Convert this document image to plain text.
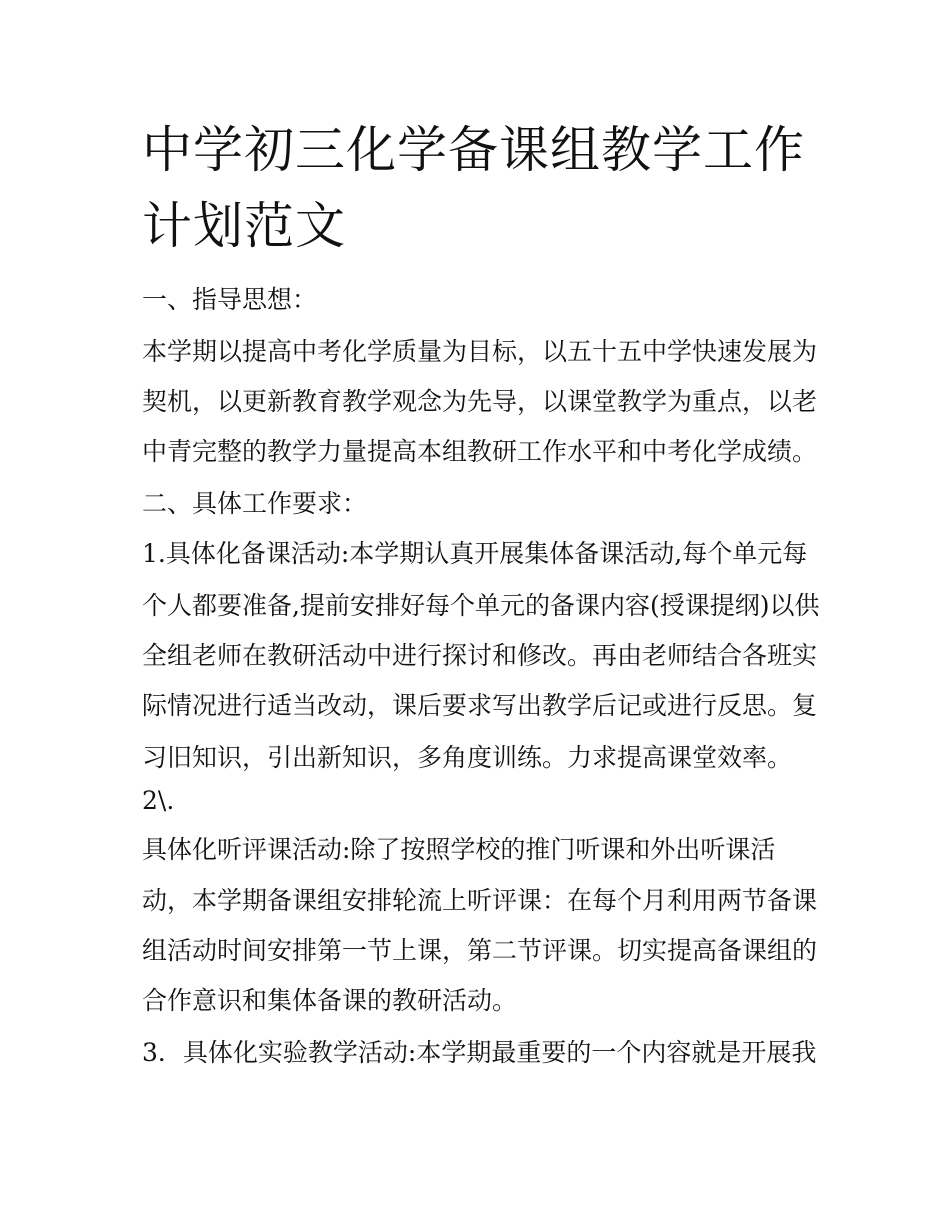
中学初三化学备课组教学工作
计划范文

一、指导思想：

本学期以提高中考化学质量为目标，以五十五中学快速发展为

契机，以更新教育教学观念为先导，以课堂教学为重点，以老

中青完整的教学力量提高本组教研工作水平和中考化学成绩。

二、具体工作要求：

1.具体化备课活动:本学期认真开展集体备课活动,每个单元每

个人都要准备,提前安排好每个单元的备课内容(授课提纲)以供

全组老师在教研活动中进行探讨和修改。再由老师结合各班实

际情况进行适当改动，课后要求写出教学后记或进行反思。复

习旧知识，引出新知识，多角度训练。力求提高课堂效率。

2\.

具体化听评课活动:除了按照学校的推门听课和外出听课活

动，本学期备课组安排轮流上听评课：在每个月利用两节备课

组活动时间安排第一节上课，第二节评课。切实提高备课组的

合作意识和集体备课的教研活动。

3．具体化实验教学活动:本学期最重要的一个内容就是开展我
